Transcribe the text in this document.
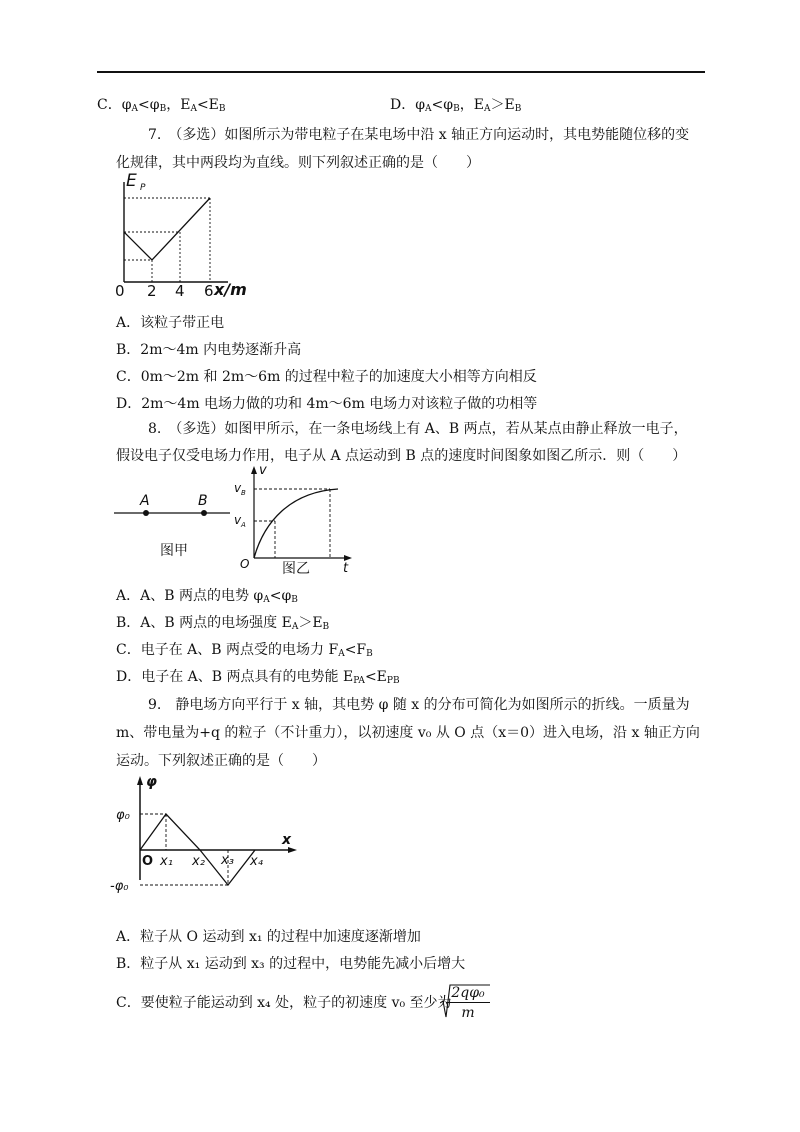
C．$\varphi_A<\varphi_B$，$E_A<E_B$	D．$\varphi_A<\varphi_B$，$E_A>E_B$
7.　（多选）如图所示为带电粒子在某电场中沿 x 轴正方向运动时，其电势能随位移的变
化规律，其中两段均为直线。则下列叙述正确的是（　　）
E P
0 2 4 6 x/m
A．该粒子带正电
B．2m～4m 内电势逐渐升高
C．0m～2m 和 2m～6m 的过程中粒子的加速度大小相等方向相反
D．2m～4m 电场力做的功和 4m～6m 电场力对该粒子做的功相等
8.　（多选）如图甲所示，在一条电场线上有 A、B 两点，若从某点由静止释放一电子，
假设电子仅受电场力作用，电子从 A 点运动到 B 点的速度时间图象如图乙所示．则（　　）
A	B
图甲
v
v B
v A
O	t
图乙
A．A、B 两点的电势 $\varphi_A<\varphi_B$
B．A、B 两点的电场强度 $E_A>E_B$
C．电子在 A、B 两点受的电场力 $F_A<F_B$
D．电子在 A、B 两点具有的电势能 $E_{PA}<E_{PB}$
9.　静电场方向平行于 x 轴，其电势 φ 随 x 的分布可简化为如图所示的折线。一质量为
m、带电量为+q 的粒子（不计重力），以初速度 v₀ 从 O 点（x＝0）进入电场，沿 x 轴正方向
运动。下列叙述正确的是（　　）
φ
φ₀
-φ₀
O
x
x₁ x₂ x₃ x₄
A．粒子从 O 运动到 x₁ 的过程中加速度逐渐增加
B．粒子从 x₁ 运动到 x₃ 的过程中，电势能先减小后增大
C．要使粒子能运动到 x₄ 处，粒子的初速度 v₀ 至少为
$\frac{\text{2qφ₀}}{m}$
